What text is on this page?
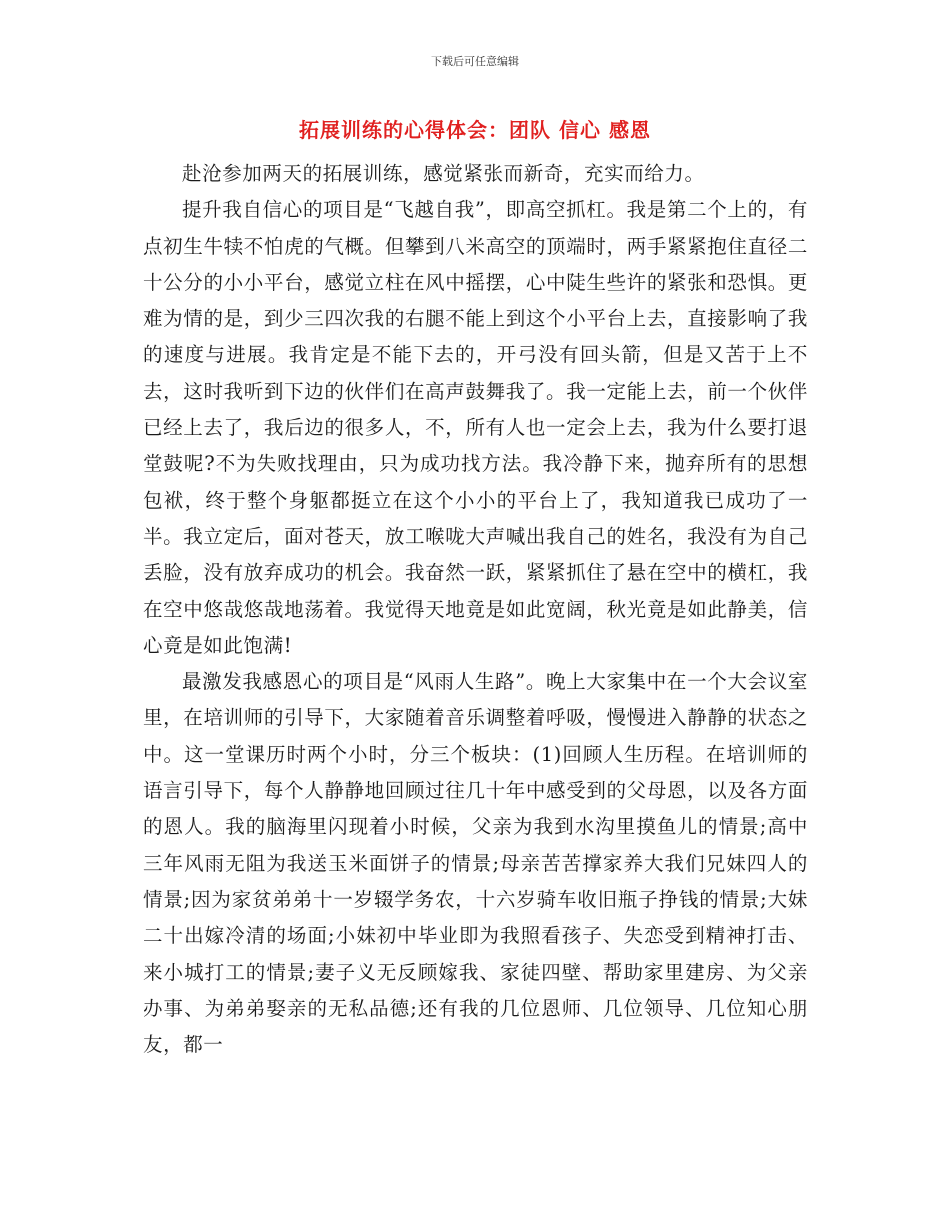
下载后可任意编辑
拓展训练的心得体会：团队 信心 感恩

赴沧参加两天的拓展训练，感觉紧张而新奇，充实而给力。

提升我自信心的项目是“飞越自我”，即高空抓杠。我是第二个上的，有点初生牛犊不怕虎的气概。但攀到八米高空的顶端时，两手紧紧抱住直径二十公分的小小平台，感觉立柱在风中摇摆，心中陡生些许的紧张和恐惧。更难为情的是，到少三四次我的右腿不能上到这个小平台上去，直接影响了我的速度与进展。我肯定是不能下去的，开弓没有回头箭，但是又苦于上不去，这时我听到下边的伙伴们在高声鼓舞我了。我一定能上去，前一个伙伴已经上去了，我后边的很多人，不，所有人也一定会上去，我为什么要打退堂鼓呢?不为失败找理由，只为成功找方法。我冷静下来，抛弃所有的思想包袱，终于整个身躯都挺立在这个小小的平台上了，我知道我已成功了一半。我立定后，面对苍天，放工喉咙大声喊出我自己的姓名，我没有为自己丢脸，没有放弃成功的机会。我奋然一跃，紧紧抓住了悬在空中的横杠，我在空中悠哉悠哉地荡着。我觉得天地竟是如此宽阔，秋光竟是如此静美，信心竟是如此饱满!

最激发我感恩心的项目是“风雨人生路”。晚上大家集中在一个大会议室里，在培训师的引导下，大家随着音乐调整着呼吸，慢慢进入静静的状态之中。这一堂课历时两个小时，分三个板块：(1)回顾人生历程。在培训师的语言引导下，每个人静静地回顾过往几十年中感受到的父母恩，以及各方面的恩人。我的脑海里闪现着小时候，父亲为我到水沟里摸鱼儿的情景;高中三年风雨无阻为我送玉米面饼子的情景;母亲苦苦撑家养大我们兄妹四人的情景;因为家贫弟弟十一岁辍学务农，十六岁骑车收旧瓶子挣钱的情景;大妹二十出嫁冷清的场面;小妹初中毕业即为我照看孩子、失恋受到精神打击、来小城打工的情景;妻子义无反顾嫁我、家徒四壁、帮助家里建房、为父亲办事、为弟弟娶亲的无私品德;还有我的几位恩师、几位领导、几位知心朋友，都一
